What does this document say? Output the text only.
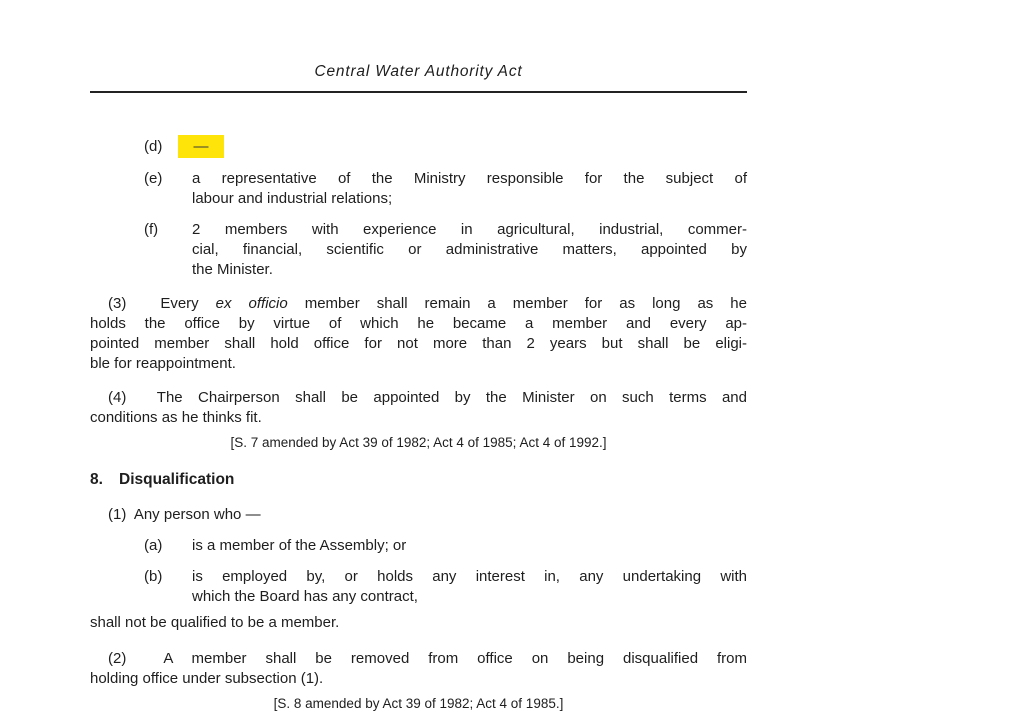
Central Water Authority Act
(d)	—
(e)	a representative of the Ministry responsible for the subject of
labour and industrial relations;
(f)	2 members with experience in agricultural, industrial, commer-
cial, financial, scientific or administrative matters, appointed by
the Minister.
(3)  Every ex officio member shall remain a member for as long as he
holds the office by virtue of which he became a member and every ap-
pointed member shall hold office for not more than 2 years but shall be eligi-
ble for reappointment.
(4)  The Chairperson shall be appointed by the Minister on such terms and
conditions as he thinks fit.
[S. 7 amended by Act 39 of 1982; Act 4 of 1985; Act 4 of 1992.]
8. Disqualification
(1)  Any person who —
(a)	is a member of the Assembly; or
(b)	is employed by, or holds any interest in, any undertaking with
which the Board has any contract,
shall not be qualified to be a member.
(2)  A member shall be removed from office on being disqualified from
holding office under subsection (1).
[S. 8 amended by Act 39 of 1982; Act 4 of 1985.]
